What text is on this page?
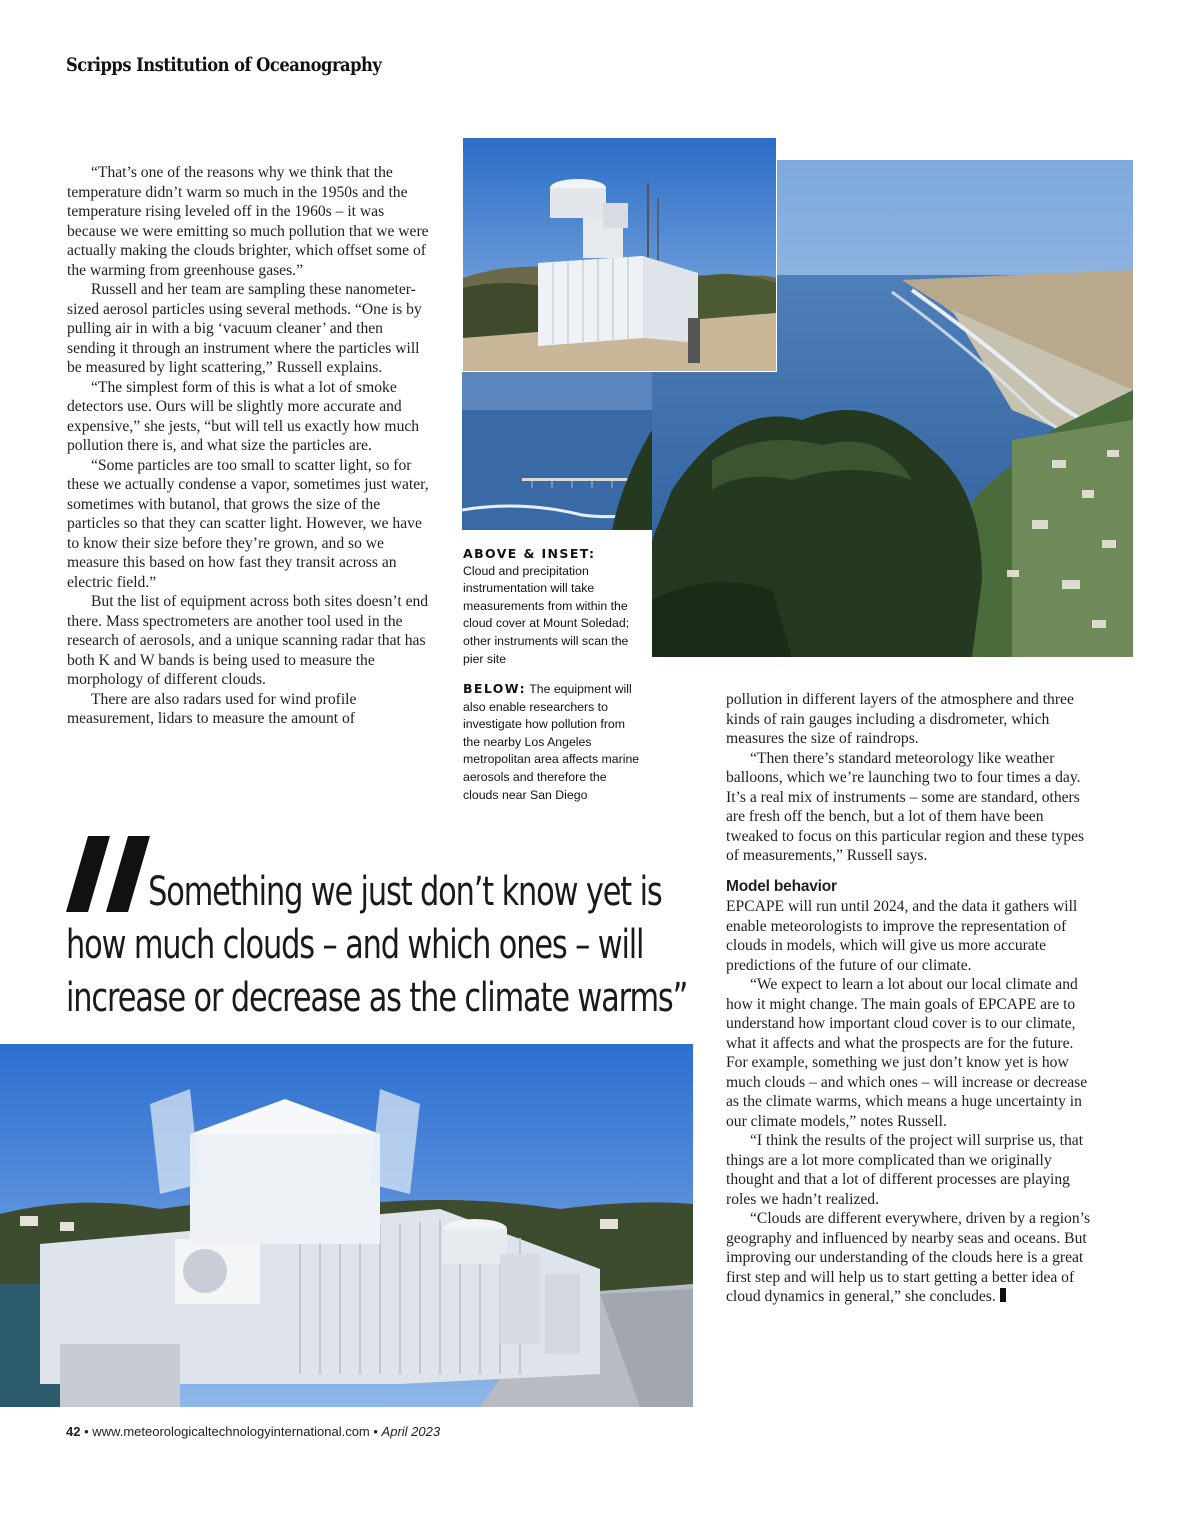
Scripps Institution of Oceanography

“That’s one of the reasons why we think that the temperature didn’t warm so much in the 1950s and the temperature rising leveled off in the 1960s – it was because we were emitting so much pollution that we were actually making the clouds brighter, which offset some of the warming from greenhouse gases.”

Russell and her team are sampling these nanometer-sized aerosol particles using several methods. “One is by pulling air in with a big ‘vacuum cleaner’ and then sending it through an instrument where the particles will be measured by light scattering,” Russell explains.

“The simplest form of this is what a lot of smoke detectors use. Ours will be slightly more accurate and expensive,” she jests, “but will tell us exactly how much pollution there is, and what size the particles are.

“Some particles are too small to scatter light, so for these we actually condense a vapor, sometimes just water, sometimes with butanol, that grows the size of the particles so that they can scatter light. However, we have to know their size before they’re grown, and so we measure this based on how fast they transit across an electric field.”

But the list of equipment across both sites doesn’t end there. Mass spectrometers are another tool used in the research of aerosols, and a unique scanning radar that has both K and W bands is being used to measure the morphology of different clouds.

There are also radars used for wind profile measurement, lidars to measure the amount of

ABOVE & INSET:
Cloud and precipitation instrumentation will take measurements from within the cloud cover at Mount Soledad; other instruments will scan the pier site
BELOW: The equipment will also enable researchers to investigate how pollution from the nearby Los Angeles metropolitan area affects marine aerosols and therefore the clouds near San Diego

pollution in different layers of the atmosphere and three kinds of rain gauges including a disdrometer, which measures the size of raindrops.

“Then there’s standard meteorology like weather balloons, which we’re launching two to four times a day. It’s a real mix of instruments – some are standard, others are fresh off the bench, but a lot of them have been tweaked to focus on this particular region and these types of measurements,” Russell says.

Model behavior

EPCAPE will run until 2024, and the data it gathers will enable meteorologists to improve the representation of clouds in models, which will give us more accurate predictions of the future of our climate.

“We expect to learn a lot about our local climate and how it might change. The main goals of EPCAPE are to understand how important cloud cover is to our climate, what it affects and what the prospects are for the future. For example, something we just don’t know yet is how much clouds – and which ones – will increase or decrease as the climate warms, which means a huge uncertainty in our climate models,” notes Russell.

“I think the results of the project will surprise us, that things are a lot more complicated than we originally thought and that a lot of different processes are playing roles we hadn’t realized.

“Clouds are different everywhere, driven by a region’s geography and influenced by nearby seas and oceans. But improving our understanding of the clouds here is a great first step and will help us to start getting a better idea of cloud dynamics in general,” she concludes.

Something we just don’t know yet is how much clouds – and which ones – will increase or decrease as the climate warms”
42 • www.meteorologicaltechnologyinternational.com • April 2023
